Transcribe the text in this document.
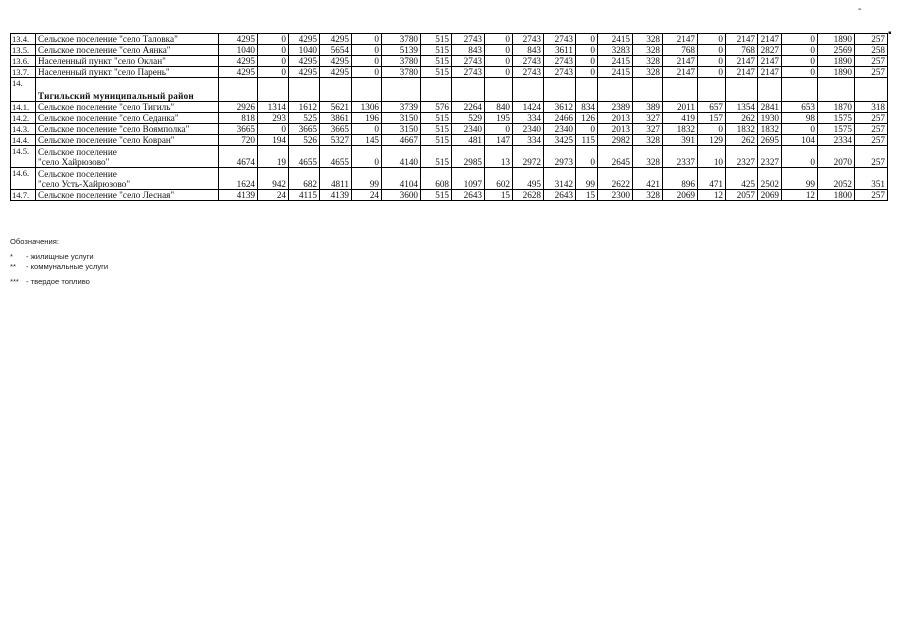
-
▪
13.4.	Сельское поселение "село Таловка"	4295	0	4295	4295	0	3780	515	2743	0	2743	2743	0	2415	328	2147	0	2147	2147	0	1890	257
13.5.	Сельское поселение "село Аянка"	1040	0	1040	5654	0	5139	515	843	0	843	3611	0	3283	328	768	0	768	2827	0	2569	258
13.6.	Населенный пункт "село Оклан"	4295	0	4295	4295	0	3780	515	2743	0	2743	2743	0	2415	328	2147	0	2147	2147	0	1890	257
13.7.	Населенный пункт "село Парень"	4295	0	4295	4295	0	3780	515	2743	0	2743	2743	0	2415	328	2147	0	2147	2147	0	1890	257
14.	Тигильский муниципальный район																					

14.1.	Сельское поселение "село Тигиль"	2926	1314	1612	5621	1306	3739	576	2264	840	1424	3612	834	2389	389	2011	657	1354	2841	653	1870	318
14.2.	Сельское поселение "село Седанка"	818	293	525	3861	196	3150	515	529	195	334	2466	126	2013	327	419	157	262	1930	98	1575	257
14.3.	Сельское поселение "село Воямполка"	3665	0	3665	3665	0	3150	515	2340	0	2340	2340	0	2013	327	1832	0	1832	1832	0	1575	257
14.4.	Сельское поселение "село Ковран"	720	194	526	5327	145	4667	515	481	147	334	3425	115	2982	328	391	129	262	2695	104	2334	257
14.5.	Сельское поселение
"село Хайрюзово"	4674	19	4655	4655	0	4140	515	2985	13	2972	2973	0	2645	328	2337	10	2327	2327	0	2070	257
14.6.	Сельское поселение
"село Усть-Хайрюзово"	1624	942	682	4811	99	4104	608	1097	602	495	3142	99	2622	421	896	471	425	2502	99	2052	351
14.7.	Сельское поселение "село Лесная"	4139	24	4115	4139	24	3600	515	2643	15	2628	2643	15	2300	328	2069	12	2057	2069	12	1800	257
Обозначения:
*	- жилищные услуги
**	- коммунальные услуги
*** - твердое топливо
